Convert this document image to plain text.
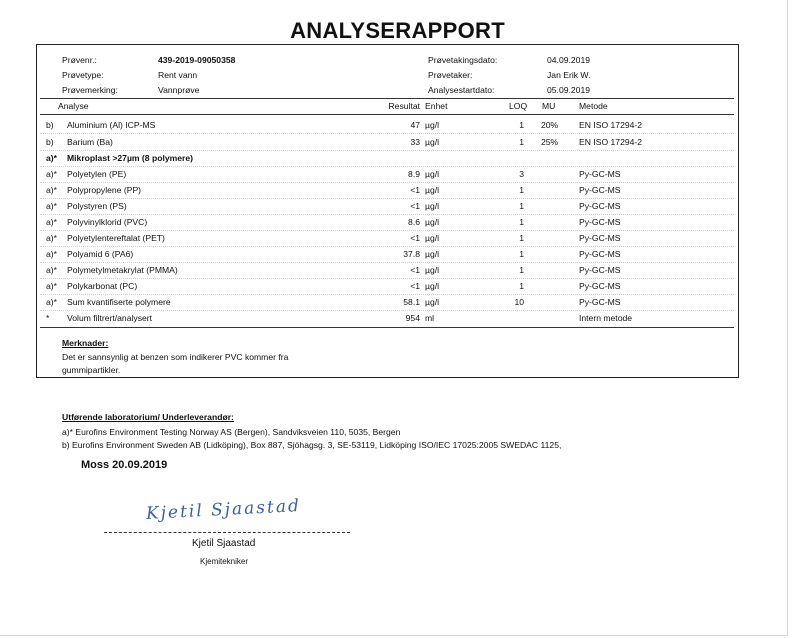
ANALYSERAPPORT
Prøvenr.:	439-2019-09050358
Prøvetype:	Rent vann
Prøvemerking:	Vannprøve
Prøvetakingsdato:	04.09.2019
Prøvetaker:	Jan Erik W.
Analysestartdato:	05.09.2019
Analyse	Resultat Enhet	LOQ MU	Metode
b) Aluminium (Al) ICP-MS	47 µg/l	1 20% EN ISO 17294-2
b) Barium (Ba)	33 µg/l	1 25% EN ISO 17294-2
a)* Mikroplast >27µm (8 polymere)
a)* Polyetylen (PE)	8.9 µg/l	3	Py-GC-MS
a)* Polypropylene (PP)	<1 µg/l	1	Py-GC-MS
a)* Polystyren (PS)	<1 µg/l	1	Py-GC-MS
a)* Polyvinylklorid (PVC)	8.6 µg/l	1	Py-GC-MS
a)* Polyetylentereftalat (PET)	<1 µg/l	1	Py-GC-MS
a)* Polyamid 6 (PA6)	37.8 µg/l	1	Py-GC-MS
a)* Polymetylmetakrylat (PMMA)	<1 µg/l	1	Py-GC-MS
a)* Polykarbonat (PC)	<1 µg/l	1	Py-GC-MS
a)* Sum kvantifiserte polymere	58.1 µg/l	10	Py-GC-MS
* Volum filtrert/analysert	954 ml	Intern metode
Merknader:
Det er sannsynlig at benzen som indikerer PVC kommer fra
gummipartikler.
Utførende laboratorium/ Underleverandør:
a)* Eurofins Environment Testing Norway AS (Bergen), Sandviksveien 110, 5035, Bergen
b) Eurofins Environment Sweden AB (Lidköping), Box 887, Sjöhagsg. 3, SE-53119, Lidköping ISO/IEC 17025:2005 SWEDAC 1125,
Moss 20.09.2019
Kjetil Sjaastad
Kjetil Sjaastad
Kjemitekniker
